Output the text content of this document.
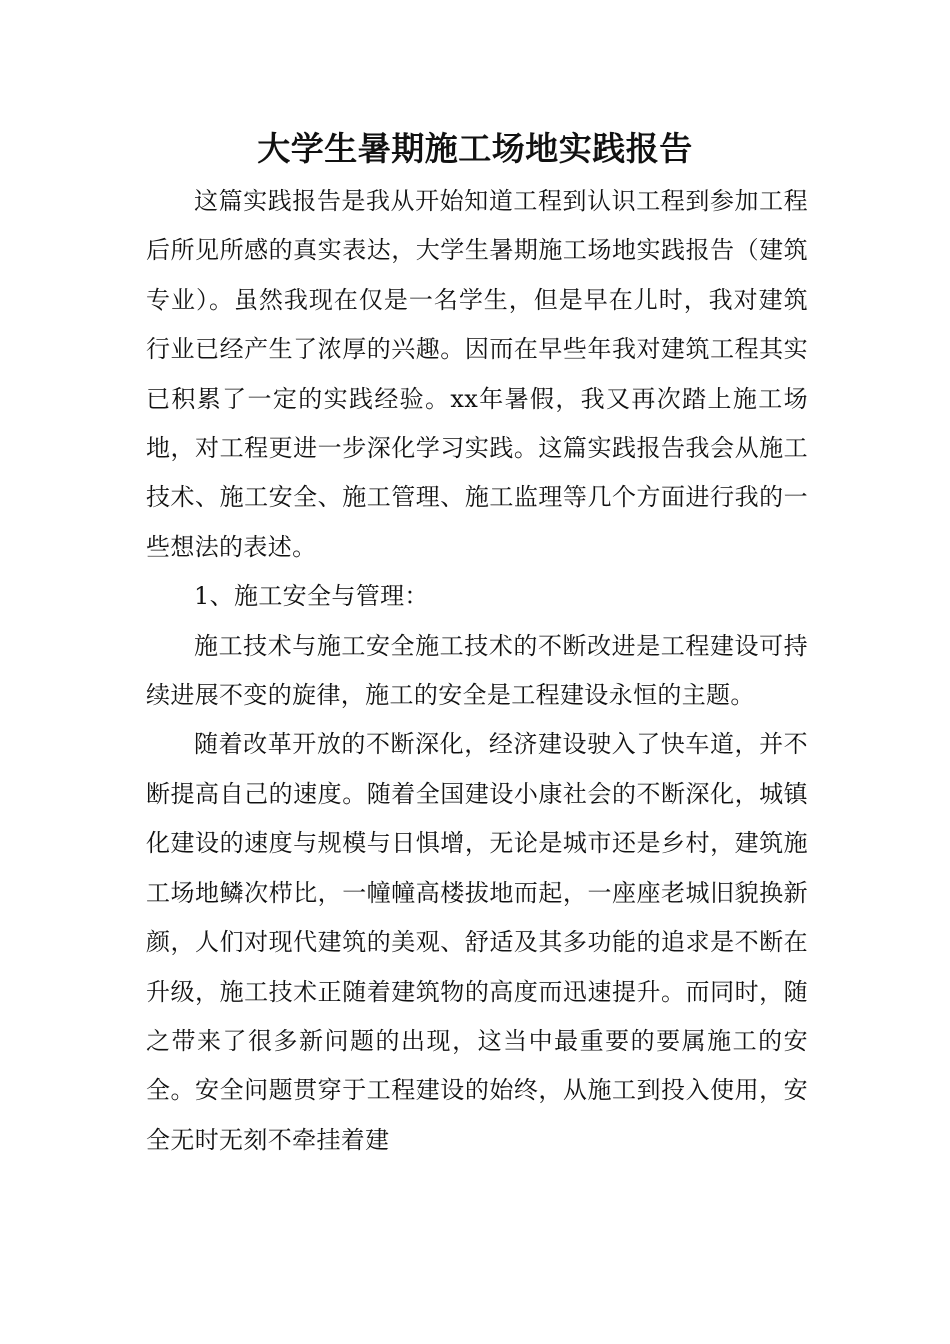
大学生暑期施工场地实践报告

这篇实践报告是我从开始知道工程到认识工程到参加工程后所见所感的真实表达，大学生暑期施工场地实践报告（建筑专业）。虽然我现在仅是一名学生，但是早在儿时，我对建筑行业已经产生了浓厚的兴趣。因而在早些年我对建筑工程其实已积累了一定的实践经验。xx年暑假，我又再次踏上施工场地，对工程更进一步深化学习实践。这篇实践报告我会从施工技术、施工安全、施工管理、施工监理等几个方面进行我的一些想法的表述。

1、施工安全与管理：

施工技术与施工安全施工技术的不断改进是工程建设可持续进展不变的旋律，施工的安全是工程建设永恒的主题。

随着改革开放的不断深化，经济建设驶入了快车道，并不断提高自己的速度。随着全国建设小康社会的不断深化，城镇化建设的速度与规模与日惧增，无论是城市还是乡村，建筑施工场地鳞次栉比，一幢幢高楼拔地而起，一座座老城旧貌换新颜，人们对现代建筑的美观、舒适及其多功能的追求是不断在升级，施工技术正随着建筑物的高度而迅速提升。而同时，随之带来了很多新问题的出现，这当中最重要的要属施工的安全。安全问题贯穿于工程建设的始终，从施工到投入使用，安全无时无刻不牵挂着建
